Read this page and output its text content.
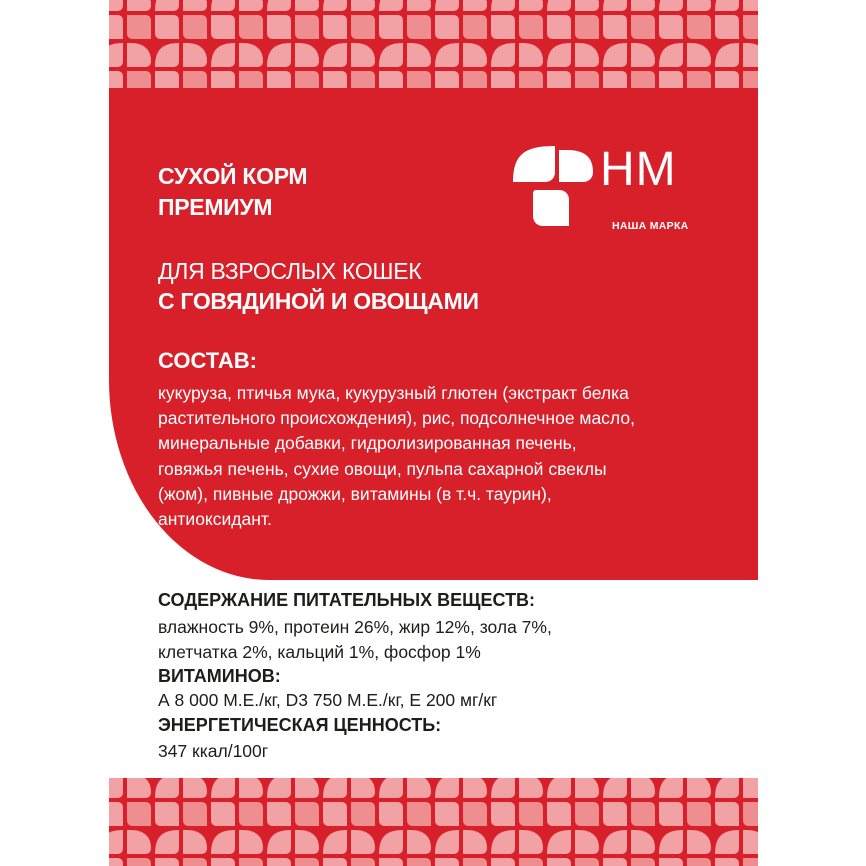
СУХОЙ КОРМ
ПРЕМИУМ
ДЛЯ ВЗРОСЛЫХ КОШЕК
С ГОВЯДИНОЙ И ОВОЩАМИ
НМ
НАША МАРКА
СОСТАВ:
кукуруза, птичья мука, кукурузный глютен (экстракт белка
растительного происхождения), рис, подсолнечное масло,
минеральные добавки, гидролизированная печень,
говяжья печень, сухие овощи, пульпа сахарной свеклы
(жом), пивные дрожжи, витамины (в т.ч. таурин),
антиоксидант.
СОДЕРЖАНИЕ ПИТАТЕЛЬНЫХ ВЕЩЕСТВ:
влажность 9%, протеин 26%, жир 12%, зола 7%,
клетчатка 2%, кальций 1%, фосфор 1%
ВИТАМИНОВ:
А 8 000 М.Е./кг, D3 750 М.Е./кг, Е 200 мг/кг
ЭНЕРГЕТИЧЕСКАЯ ЦЕННОСТЬ:
347 ккал/100г
